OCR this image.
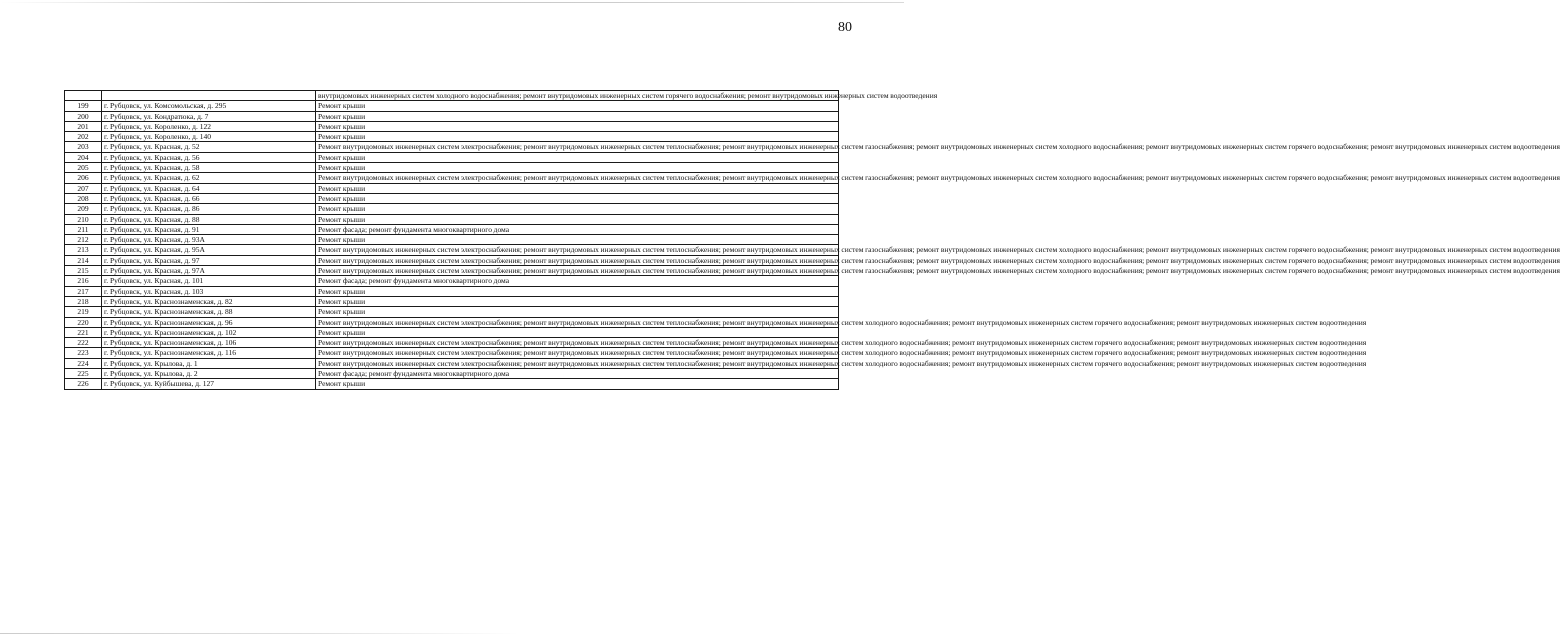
80
		внутридомовых инженерных систем холодного водоснабжения; ремонт внутридомовых инженерных систем горячего водоснабжения; ремонт внутридомовых инженерных систем водоотведения
199	г. Рубцовск, ул. Комсомольская, д. 295	Ремонт крыши
200	г. Рубцовск, ул. Кондратюка, д. 7	Ремонт крыши
201	г. Рубцовск, ул. Короленко, д. 122	Ремонт крыши
202	г. Рубцовск, ул. Короленко, д. 140	Ремонт крыши
203	г. Рубцовск, ул. Красная, д. 52	Ремонт внутридомовых инженерных систем электроснабжения; ремонт внутридомовых инженерных систем теплоснабжения; ремонт внутридомовых инженерных систем газоснабжения; ремонт внутридомовых инженерных систем холодного водоснабжения; ремонт внутридомовых инженерных систем горячего водоснабжения; ремонт внутридомовых инженерных систем водоотведения
204	г. Рубцовск, ул. Красная, д. 56	Ремонт крыши
205	г. Рубцовск, ул. Красная, д. 58	Ремонт крыши
206	г. Рубцовск, ул. Красная, д. 62	Ремонт внутридомовых инженерных систем электроснабжения; ремонт внутридомовых инженерных систем теплоснабжения; ремонт внутридомовых инженерных систем газоснабжения; ремонт внутридомовых инженерных систем холодного водоснабжения; ремонт внутридомовых инженерных систем горячего водоснабжения; ремонт внутридомовых инженерных систем водоотведения
207	г. Рубцовск, ул. Красная, д. 64	Ремонт крыши
208	г. Рубцовск, ул. Красная, д. 66	Ремонт крыши
209	г. Рубцовск, ул. Красная, д. 86	Ремонт крыши
210	г. Рубцовск, ул. Красная, д. 88	Ремонт крыши
211	г. Рубцовск, ул. Красная, д. 91	Ремонт фасада; ремонт фундамента многоквартирного дома
212	г. Рубцовск, ул. Красная, д. 93А	Ремонт крыши
213	г. Рубцовск, ул. Красная, д. 95А	Ремонт внутридомовых инженерных систем электроснабжения; ремонт внутридомовых инженерных систем теплоснабжения; ремонт внутридомовых инженерных систем газоснабжения; ремонт внутридомовых инженерных систем холодного водоснабжения; ремонт внутридомовых инженерных систем горячего водоснабжения; ремонт внутридомовых инженерных систем водоотведения
214	г. Рубцовск, ул. Красная, д. 97	Ремонт внутридомовых инженерных систем электроснабжения; ремонт внутридомовых инженерных систем теплоснабжения; ремонт внутридомовых инженерных систем газоснабжения; ремонт внутридомовых инженерных систем холодного водоснабжения; ремонт внутридомовых инженерных систем горячего водоснабжения; ремонт внутридомовых инженерных систем водоотведения
215	г. Рубцовск, ул. Красная, д. 97А	Ремонт внутридомовых инженерных систем электроснабжения; ремонт внутридомовых инженерных систем теплоснабжения; ремонт внутридомовых инженерных систем газоснабжения; ремонт внутридомовых инженерных систем холодного водоснабжения; ремонт внутридомовых инженерных систем горячего водоснабжения; ремонт внутридомовых инженерных систем водоотведения
216	г. Рубцовск, ул. Красная, д. 101	Ремонт фасада; ремонт фундамента многоквартирного дома
217	г. Рубцовск, ул. Красная, д. 103	Ремонт крыши
218	г. Рубцовск, ул. Краснознаменская, д. 82	Ремонт крыши
219	г. Рубцовск, ул. Краснознаменская, д. 88	Ремонт крыши
220	г. Рубцовск, ул. Краснознаменская, д. 96	Ремонт внутридомовых инженерных систем электроснабжения; ремонт внутридомовых инженерных систем теплоснабжения; ремонт внутридомовых инженерных систем холодного водоснабжения; ремонт внутридомовых инженерных систем горячего водоснабжения; ремонт внутридомовых инженерных систем водоотведения
221	г. Рубцовск, ул. Краснознаменская, д. 102	Ремонт крыши
222	г. Рубцовск, ул. Краснознаменская, д. 106	Ремонт внутридомовых инженерных систем электроснабжения; ремонт внутридомовых инженерных систем теплоснабжения; ремонт внутридомовых инженерных систем холодного водоснабжения; ремонт внутридомовых инженерных систем горячего водоснабжения; ремонт внутридомовых инженерных систем водоотведения
223	г. Рубцовск, ул. Краснознаменская, д. 116	Ремонт внутридомовых инженерных систем электроснабжения; ремонт внутридомовых инженерных систем теплоснабжения; ремонт внутридомовых инженерных систем холодного водоснабжения; ремонт внутридомовых инженерных систем горячего водоснабжения; ремонт внутридомовых инженерных систем водоотведения
224	г. Рубцовск, ул. Крылова, д. 1	Ремонт внутридомовых инженерных систем электроснабжения; ремонт внутридомовых инженерных систем теплоснабжения; ремонт внутридомовых инженерных систем холодного водоснабжения; ремонт внутридомовых инженерных систем горячего водоснабжения; ремонт внутридомовых инженерных систем водоотведения
225	г. Рубцовск, ул. Крылова, д. 2	Ремонт фасада; ремонт фундамента многоквартирного дома
226	г. Рубцовск, ул. Куйбышева, д. 127	Ремонт крыши
